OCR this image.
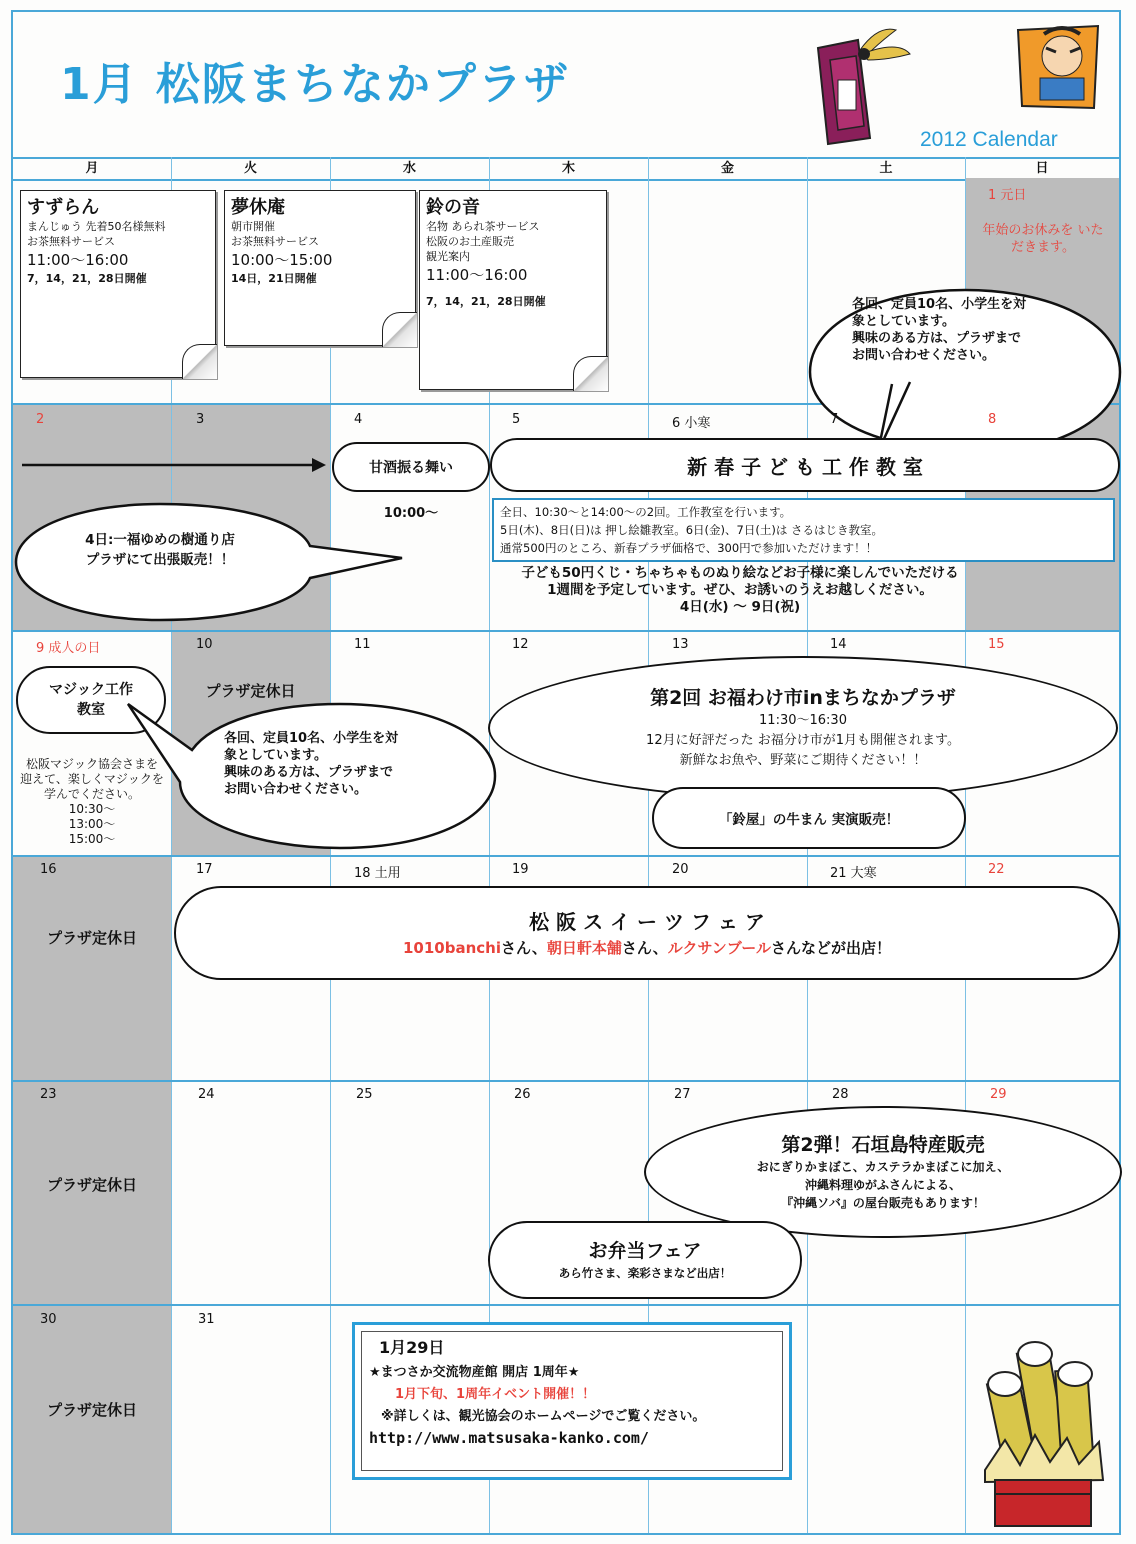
1月 松阪まちなかプラザ
2012 Calendar
月	火	水	木	金	土	日
すずらん
まんじゅう 先着50名様無料
お茶無料サービス
11:00〜16:00
7，14，21，28日開催
夢休庵
朝市開催
お茶無料サービス
10:00〜15:00
14日，21日開催
鈴の音
名物 あられ茶サービス
松阪のお土産販売
観光案内
11:00〜16:00
7，14，21，28日開催
1 元日
年始のお休みを いただきます。
各回、定員10名、小学生を対
象としています。
興味のある方は、プラザまで
お問い合わせください。
2	3	4	5	6 小寒	7	8
甘酒振る舞い
10:00〜
新 春 子 ど も 工 作 教 室
全日、10:30〜と14:00〜の2回。工作教室を行います。
5日(木)、8日(日)は 押し絵雛教室。6日(金)、7日(土)は さるはじき教室。
通常500円のところ、新春プラザ価格で、300円で参加いただけます！！
4日:一福ゆめの樹通り店
プラザにて出張販売！！
子ども50円くじ・ちゃちゃものぬり絵などお子様に楽しんでいただける
1週間を予定しています。ぜひ、お誘いのうえお越しください。
4日(水) 〜 9日(祝)
9 成人の日	10	11	12	13	14	15
プラザ定休日
マジック工作
教室
松阪マジック協会さまを
迎えて、楽しくマジックを
学んでください。
10:30〜
13:00〜
15:00〜
各回、定員10名、小学生を対
象としています。
興味のある方は、プラザまで
お問い合わせください。
第2回 お福わけ市inまちなかプラザ
11:30〜16:30
12月に好評だった お福分け市が1月も開催されます。
新鮮なお魚や、野菜にご期待ください！！
「鈴屋」の牛まん 実演販売！
16	17	18 土用	19	20	21 大寒	22
プラザ定休日
松 阪 ス イ ー ツ フ ェ ア
1010banchiさん、朝日軒本舗さん、ルクサンブールさんなどが出店！
23	24	25	26	27	28	29
プラザ定休日
第2弾！石垣島特産販売
おにぎりかまぼこ、カステラかまぼこに加え、
沖縄料理ゆがふさんによる、
『沖縄ソバ』の屋台販売もあります！
お弁当フェア
あら竹さま、楽彩さまなど出店！
30	31
プラザ定休日
1月29日
★まつさか交流物産館 開店 1周年★
1月下旬、1周年イベント開催！！
※詳しくは、観光協会のホームページでご覧ください。
http://www.matsusaka-kanko.com/
